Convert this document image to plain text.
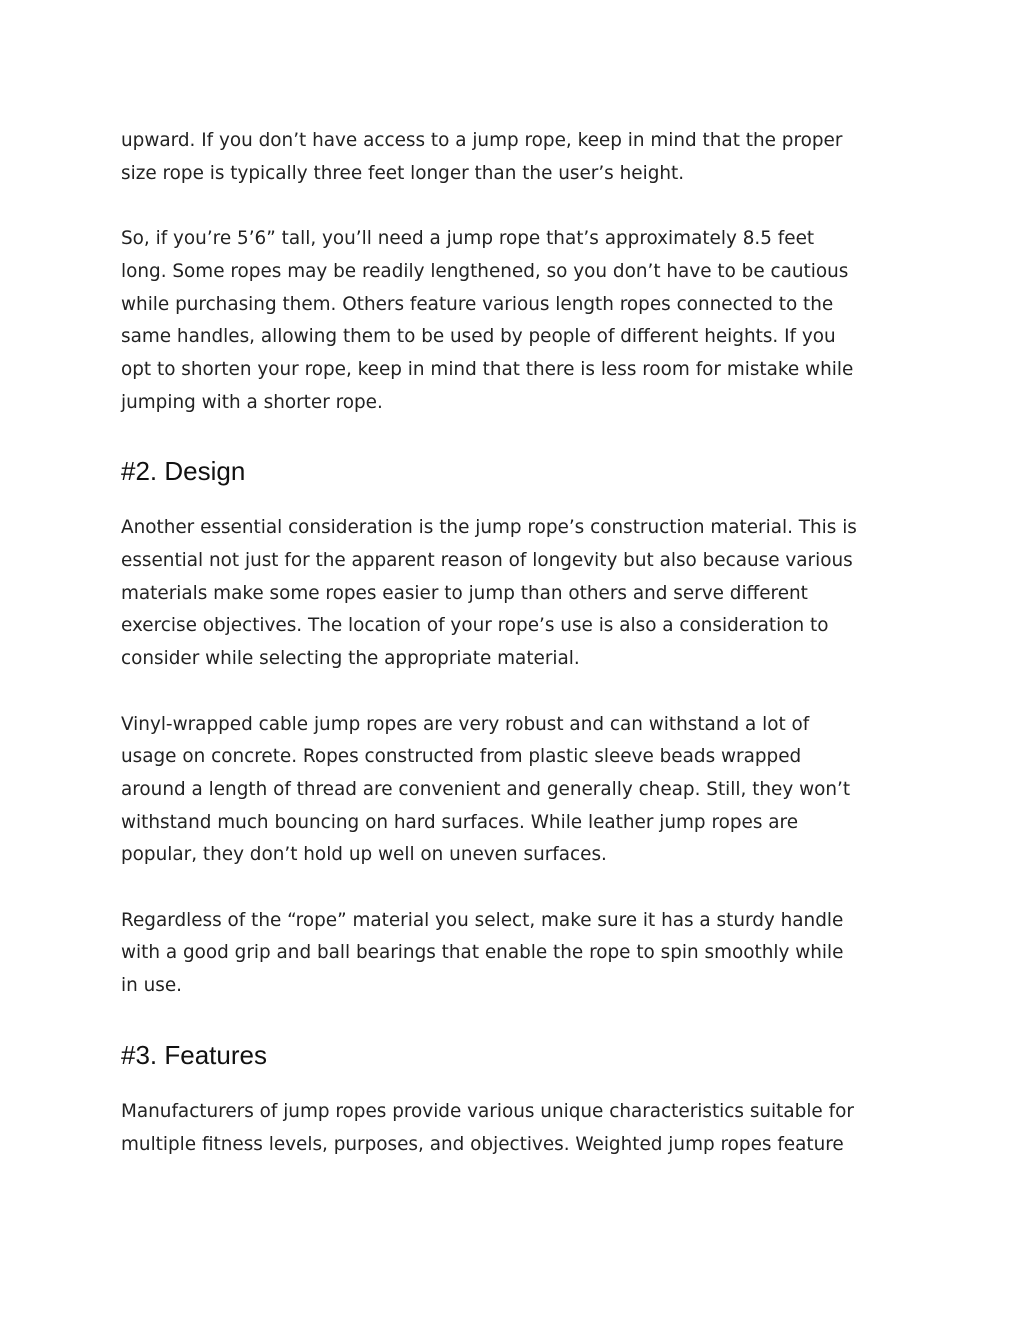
upward. If you don’t have access to a jump rope, keep in mind that the proper
size rope is typically three feet longer than the user’s height.

So, if you’re 5’6” tall, you’ll need a jump rope that’s approximately 8.5 feet
long. Some ropes may be readily lengthened, so you don’t have to be cautious
while purchasing them. Others feature various length ropes connected to the
same handles, allowing them to be used by people of different heights. If you
opt to shorten your rope, keep in mind that there is less room for mistake while
jumping with a shorter rope.

#2. Design

Another essential consideration is the jump rope’s construction material. This is
essential not just for the apparent reason of longevity but also because various
materials make some ropes easier to jump than others and serve different
exercise objectives. The location of your rope’s use is also a consideration to
consider while selecting the appropriate material.

Vinyl-wrapped cable jump ropes are very robust and can withstand a lot of
usage on concrete. Ropes constructed from plastic sleeve beads wrapped
around a length of thread are convenient and generally cheap. Still, they won’t
withstand much bouncing on hard surfaces. While leather jump ropes are
popular, they don’t hold up well on uneven surfaces.

Regardless of the “rope” material you select, make sure it has a sturdy handle
with a good grip and ball bearings that enable the rope to spin smoothly while
in use.

#3. Features

Manufacturers of jump ropes provide various unique characteristics suitable for
multiple fitness levels, purposes, and objectives. Weighted jump ropes feature
